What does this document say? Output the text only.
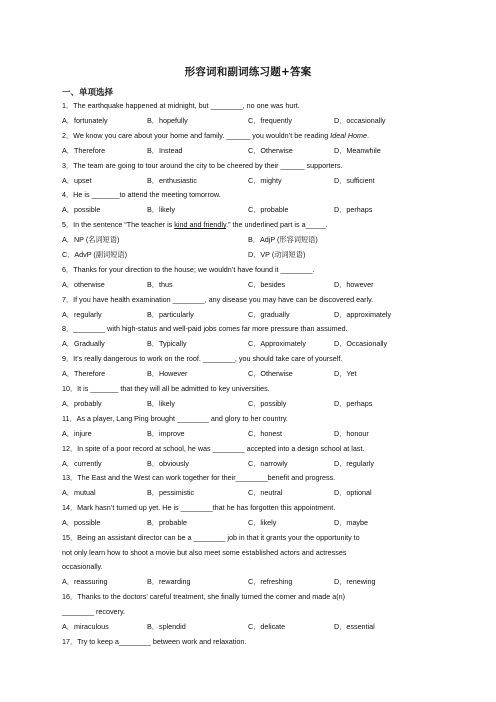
形容词和副词练习题+答案
一、单项选择
1．The earthquake happened at midnight, but ________, no one was hurt.
A．fortunately	B．hopefully	C．frequently	D．occasionally
2．We know you care about your home and family. ______ you wouldn’t be reading Ideal Home.
A．Therefore	B．Instead	C．Otherwise	D．Meanwhile
3．The team are going to tour around the city to be cheered by their ______ supporters.
A．upset	B．enthusiastic	C．mighty	D．sufficient
4．He is _______to attend the meeting tomorrow.
A．possible	B．likely	C．probable	D．perhaps
5．In the sentence “The teacher is kind and friendly.” the underlined part is a_____.
A．NP (名词短语)	B．AdjP (形容词短语)
C．AdvP (副词短语)	D．VP (动词短语)
6．Thanks for your direction to the house; we wouldn’t have found it ________.
A．otherwise	B．thus	C．besides	D．however
7．If you have health examination ________, any disease you may have can be discovered early.
A．regularly	B．particularly	C．gradually	D．approximately
8．________ with high-status and well-paid jobs comes far more pressure than assumed.
A．Gradually	B．Typically	C．Approximately	D．Occasionally
9．It’s really dangerous to work on the roof. ________, you should take care of yourself.
A．Therefore	B．However	C．Otherwise	D．Yet
10．It is _______ that they will all be admitted to key universities.
A．probably	B．likely	C．possibly	D．perhaps
11．As a player, Lang Ping brought ________ and glory to her country.
A．injure	B．improve	C．honest	D．honour
12．In spite of a poor record at school, he was ________ accepted into a design school at last.
A．currently	B．obviously	C．narrowly	D．regularly
13．The East and the West can work together for their________benefit and progress.
A．mutual	B．pessimistic	C．neutral	D．optional
14．Mark hasn’t turned up yet. He is ________that he has forgotten this appointment.
A．possible	B．probable	C．likely	D．maybe
15．Being an assistant director can be a ________ job in that it grants your the opportunity to
not only learn how to shoot a movie but also meet some established actors and actresses
occasionally.
A．reassuring	B．rewarding	C．refreshing	D．renewing
16．Thanks to the doctors’ careful treatment, she finally turned the corner and made a(n)
________ recovery.
A．miraculous	B．splendid	C．delicate	D．essential
17．Try to keep a________ between work and relaxation.
